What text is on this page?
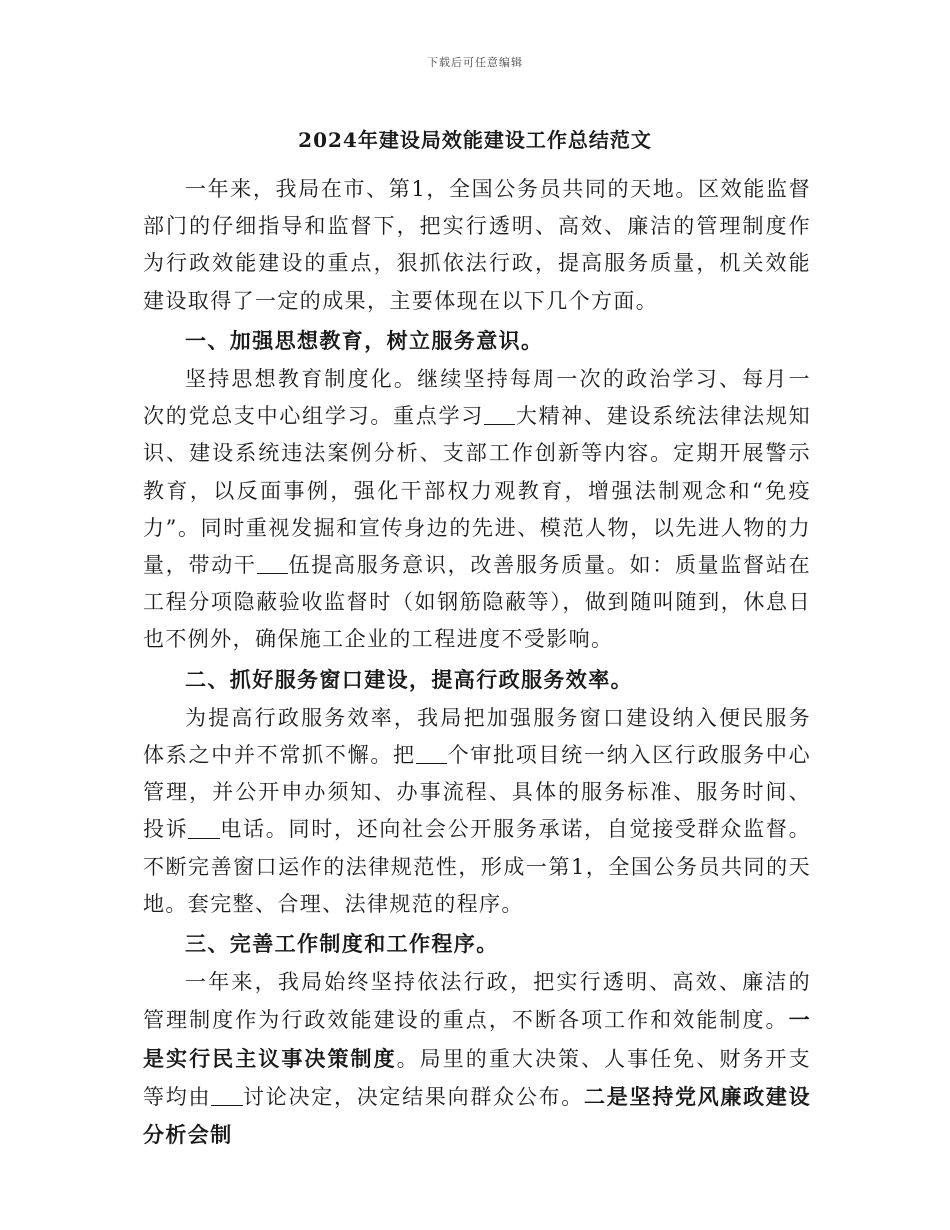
下载后可任意编辑
2024年建设局效能建设工作总结范文

一年来，我局在市、第1，全国公务员共同的天地。区效能监督部门的仔细指导和监督下，把实行透明、高效、廉洁的管理制度作为行政效能建设的重点，狠抓依法行政，提高服务质量，机关效能建设取得了一定的成果，主要体现在以下几个方面。

一、加强思想教育，树立服务意识。

坚持思想教育制度化。继续坚持每周一次的政治学习、每月一次的党总支中心组学习。重点学习 大精神、建设系统法律法规知识、建设系统违法案例分析、支部工作创新等内容。定期开展警示教育，以反面事例，强化干部权力观教育，增强法制观念和“免疫力”。同时重视发掘和宣传身边的先进、模范人物，以先进人物的力量，带动干 伍提高服务意识，改善服务质量。如：质量监督站在工程分项隐蔽验收监督时（如钢筋隐蔽等），做到随叫随到，休息日也不例外，确保施工企业的工程进度不受影响。

二、抓好服务窗口建设，提高行政服务效率。

为提高行政服务效率，我局把加强服务窗口建设纳入便民服务体系之中并不常抓不懈。把 个审批项目统一纳入区行政服务中心管理，并公开申办须知、办事流程、具体的服务标准、服务时间、投诉 电话。同时，还向社会公开服务承诺，自觉接受群众监督。不断完善窗口运作的法律规范性，形成一第1，全国公务员共同的天地。套完整、合理、法律规范的程序。

三、完善工作制度和工作程序。

一年来，我局始终坚持依法行政，把实行透明、高效、廉洁的管理制度作为行政效能建设的重点，不断各项工作和效能制度。一是实行民主议事决策制度。局里的重大决策、人事任免、财务开支等均由 讨论决定，决定结果向群众公布。二是坚持党风廉政建设分析会制
